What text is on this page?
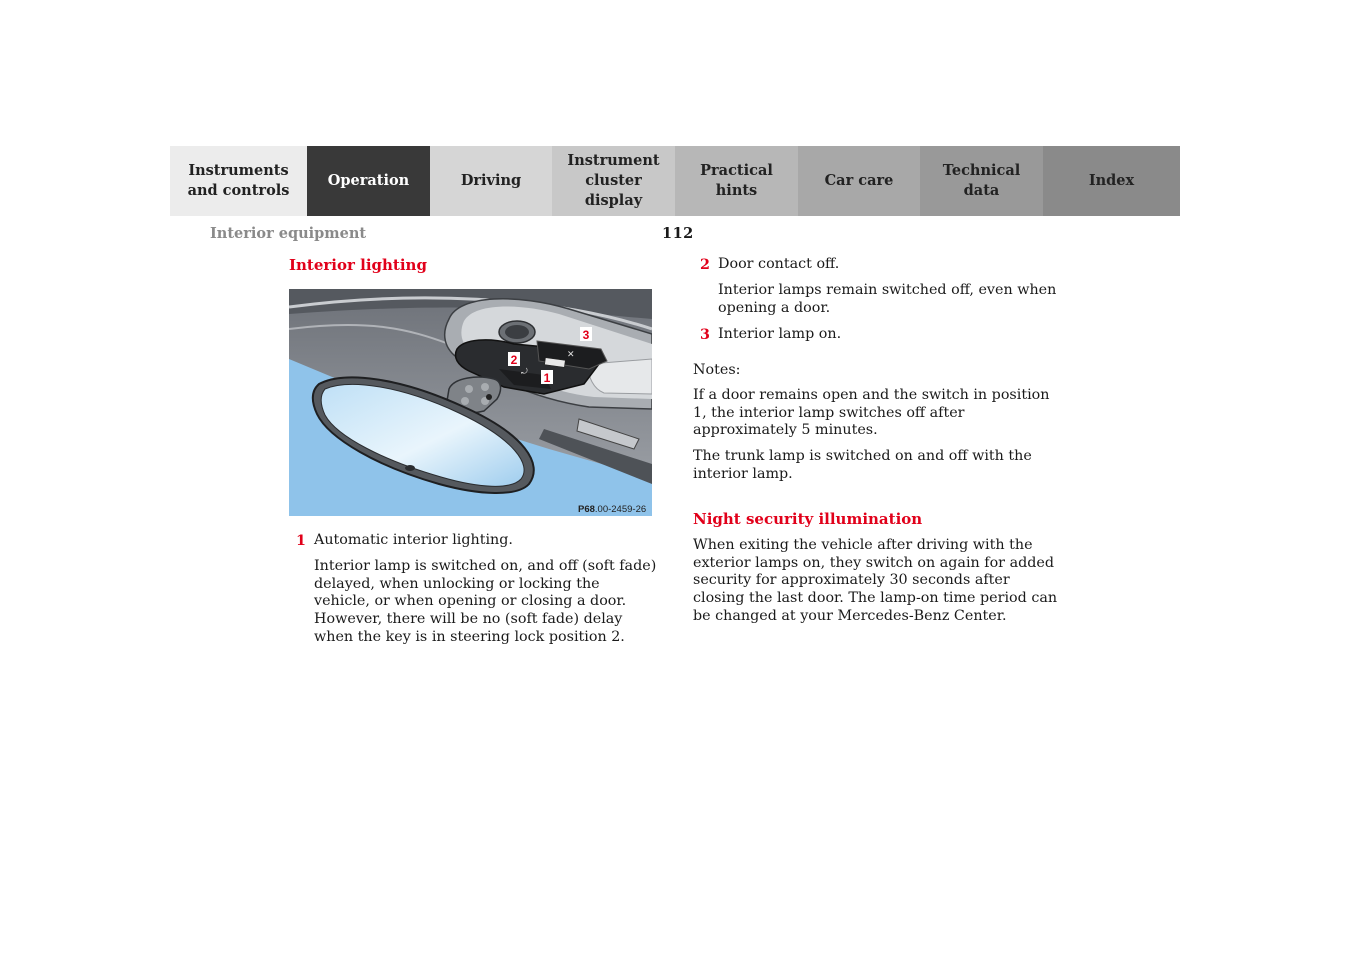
Instruments
and controls
Operation	Driving
Instrument
cluster display
Practical hints
Car care
Technical
data
Index
Interior equipment	112
Interior lighting
⤾
✕
3
2
1
P68.00-2459-26
1 Automatic interior lighting.
Interior lamp is switched on, and off (soft fade) delayed, when unlocking or locking the vehicle, or when opening or closing a door. However, there will be no (soft fade) delay when the key is in steering lock position 2.
2 Door contact off.
Interior lamps remain switched off, even when opening a door.
3 Interior lamp on.
Notes:
If a door remains open and the switch in position 1, the interior lamp switches off after approximately 5 minutes.
The trunk lamp is switched on and off with the interior lamp.
Night security illumination
When exiting the vehicle after driving with the exterior lamps on, they switch on again for added security for approximately 30 seconds after closing the last door. The lamp-on time period can be changed at your Mercedes-Benz Center.
